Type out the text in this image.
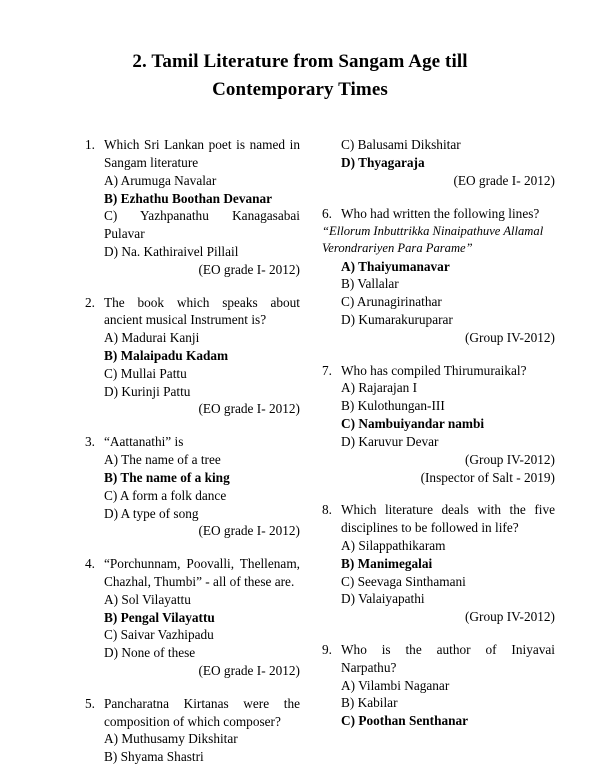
2. Tamil Literature from Sangam Age till Contemporary Times
1. Which Sri Lankan poet is named in Sangam literature
A) Arumuga Navalar
B) Ezhathu Boothan Devanar
C) Yazhpanathu Kanagasabai Pulavar
D) Na. Kathiraivel Pillail
(EO grade I- 2012)
2. The book which speaks about ancient musical Instrument is?
A) Madurai Kanji
B) Malaipadu Kadam
C) Mullai Pattu
D) Kurinji Pattu
(EO grade I- 2012)
3. “Aattanathi” is
A) The name of a tree
B) The name of a king
C) A form a folk dance
D) A type of song
(EO grade I- 2012)
4. “Porchunnam, Poovalli, Thellenam, Chazhal, Thumbi” - all of these are.
A) Sol Vilayattu
B) Pengal Vilayattu
C) Saivar Vazhipadu
D) None of these
(EO grade I- 2012)
5. Pancharatna Kirtanas were the composition of which composer?
A) Muthusamy Dikshitar
B) Shyama Shastri
C) Balusami Dikshitar
D) Thyagaraja
(EO grade I- 2012)
6. Who had written the following lines?
“Ellorum Inbuttrikka Ninaipathuve Allamal Verondrariyen Para Parame”
A) Thaiyumanavar
B) Vallalar
C) Arunagirinathar
D) Kumarakuruparar
(Group IV-2012)
7. Who has compiled Thirumuraikal?
A) Rajarajan I
B) Kulothungan-III
C) Nambuiyandar nambi
D) Karuvur Devar
(Group IV-2012)
(Inspector of Salt - 2019)
8. Which literature deals with the five disciplines to be followed in life?
A) Silappathikaram
B) Manimegalai
C) Seevaga Sinthamani
D) Valaiyapathi
(Group IV-2012)
9. Who is the author of Iniyavai Narpathu?
A) Vilambi Naganar
B) Kabilar
C) Poothan Senthanar
